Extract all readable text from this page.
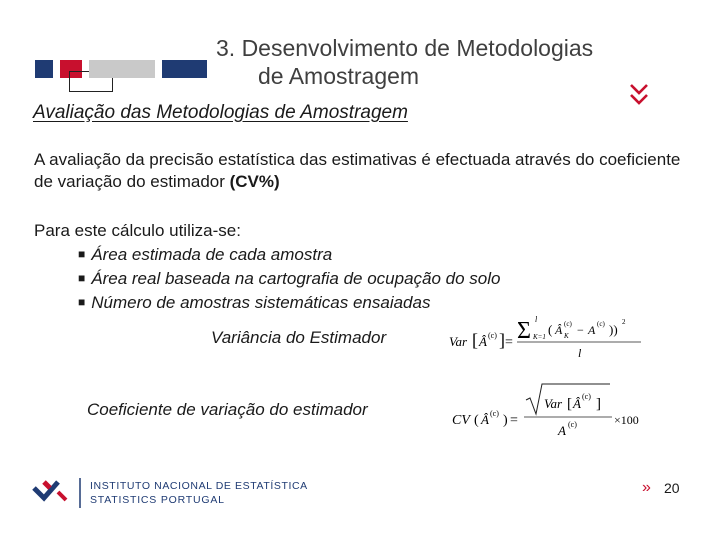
3. Desenvolvimento de Metodologias
de Amostragem
Avaliação das Metodologias de Amostragem
A avaliação da precisão estatística das estimativas é efectuada através do coeficiente de variação do estimador (CV%)
Para este cálculo utiliza-se:
■ Área estimada de cada amostra
■ Área real baseada na cartografia de ocupação do solo
■ Número de amostras sistemáticas ensaiadas
Variância do Estimador	Var [ Â (c) ] = Σ l
K=1 ( Â (c)
K − A (c) )) 2
l
Coeficiente de variação do estimador
CV ( Â (c) ) =
Var [ Â (c) ]
A (c)	×100
INSTITUTO NACIONAL DE ESTATÍSTICA
STATISTICS PORTUGAL
» 20
